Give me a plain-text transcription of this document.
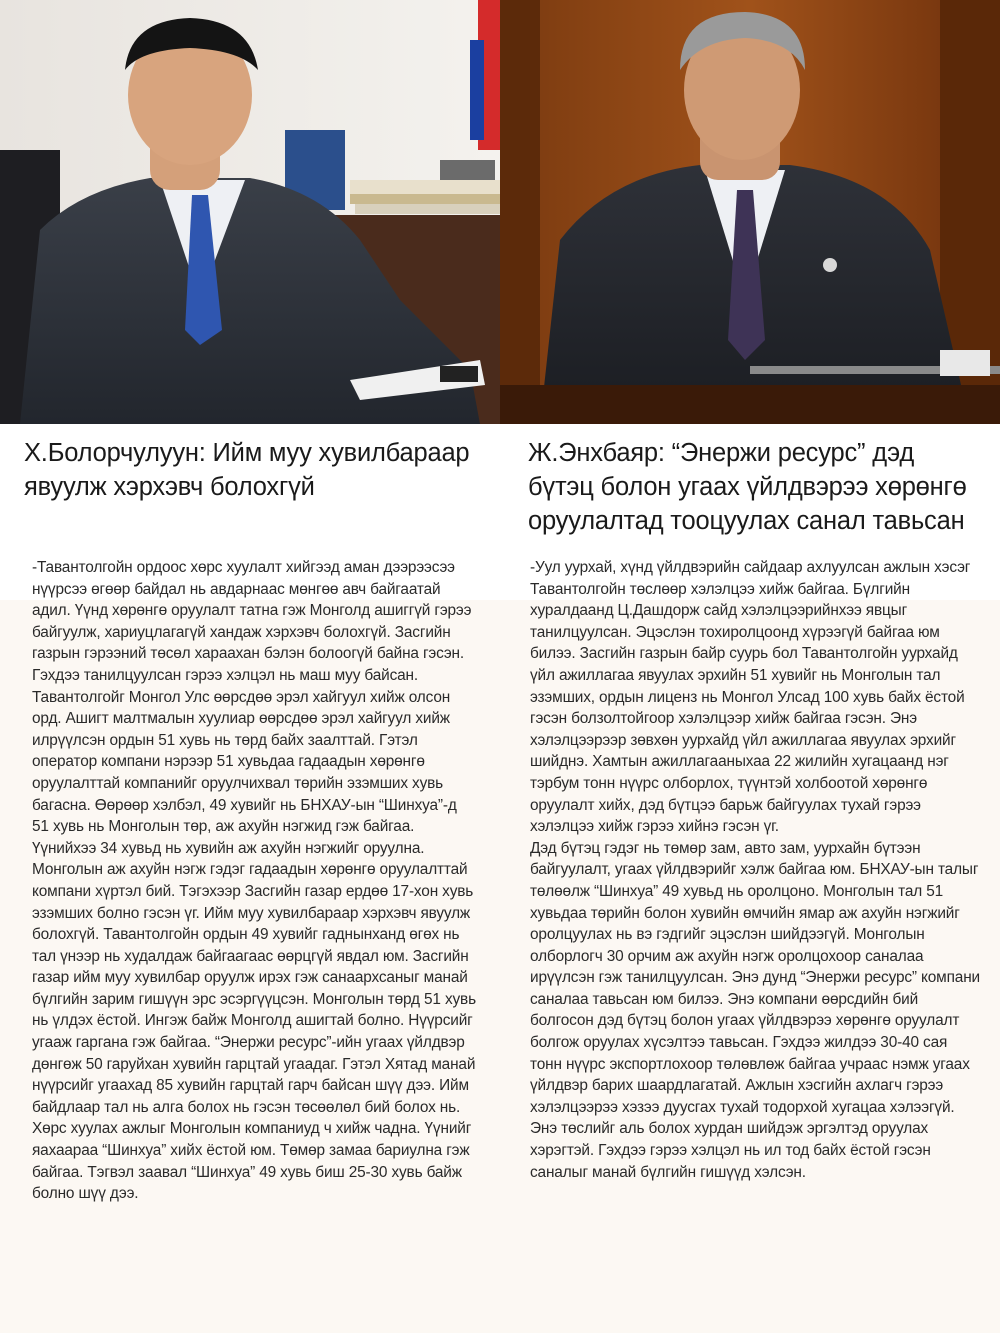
Х.Болорчулуун: Ийм муу хувилбараар явуулж хэрхэвч болохгүй
-Тавантолгойн ордоос хөрс хуулалт хийгээд аман дээрээсээ нүүрсээ өгөөр байдал нь авдарнаас мөнгөө авч байгаатай адил. Үүнд хөрөнгө оруулалт татна гэж Монголд ашиггүй гэрээ байгуулж, хариуцлагагүй хандаж хэрхэвч болохгүй. Засгийн газрын гэрээний төсөл хараахан бэлэн болоогүй байна гэсэн. Гэхдээ танилцуулсан гэрээ хэлцэл нь маш муу байсан. Тавантолгойг Монгол Улс өөрсдөө эрэл хайгуул хийж олсон орд. Ашигт малтмалын хуулиар өөрсдөө эрэл хайгуул хийж илрүүлсэн ордын 51 хувь нь төрд байх заалттай. Гэтэл оператор компани нэрээр 51 хувьдаа гадаадын хөрөнгө оруулалттай компанийг оруулчихвал төрийн эзэмших хувь багасна. Өөрөөр хэлбэл, 49 хувийг нь БНХАУ-ын “Шинхуа”-д 51 хувь нь Монголын төр, аж ахуйн нэгжид гэж байгаа. Үүнийхээ 34 хувьд нь хувийн аж ахуйн нэгжийг оруулна. Монголын аж ахуйн нэгж гэдэг гадаадын хөрөнгө оруулалттай компани хүртэл бий. Тэгэхээр Засгийн газар ердөө 17-хон хувь эзэмших болно гэсэн үг. Ийм муу хувилбараар хэрхэвч явуулж болохгүй. Тавантолгойн ордын 49 хувийг гаднынханд өгөх нь тал үнээр нь худалдаж байгаагаас өөрцгүй явдал юм. Засгийн газар ийм муу хувилбар оруулж ирэх гэж санаархсаныг манай бүлгийн зарим гишүүн эрс эсэргүүцсэн. Монголын төрд 51 хувь нь үлдэх ёстой. Ингэж байж Монголд ашигтай болно. Нүүрсийг угааж гаргана гэж байгаа. “Энержи ресурс”-ийн угаах үйлдвэр дөнгөж 50 гаруйхан хувийн гарцтай угаадаг. Гэтэл Хятад манай нүүрсийг угаахад 85 хувийн гарцтай гарч байсан шүү дээ. Ийм байдлаар тал нь алга болох нь гэсэн төсөөлөл бий болох нь. Хөрс хуулах ажлыг Монголын компаниуд ч хийж чадна. Үүнийг яахаараа “Шинхуа” хийх ёстой юм. Төмөр замаа бариулна гэж байгаа. Тэгвэл заавал “Шинхуа” 49 хувь биш 25-30 хувь байж болно шүү дээ.
Ж.Энхбаяр: “Энержи ресурс” дэд бүтэц болон угаах үйлдвэрээ хөрөнгө оруулалтад тооцуулах санал тавьсан
-Уул уурхай, хүнд үйлдвэрийн сайдаар ахлуулсан ажлын хэсэг Тавантолгойн төслөөр хэлэлцээ хийж байгаа. Бүлгийн хуралдаанд Ц.Дашдорж сайд хэлэлцээрийнхээ явцыг танилцуулсан. Эцэслэн тохиролцоонд хүрээгүй байгаа юм билээ. Засгийн газрын байр суурь бол Тавантолгойн уурхайд үйл ажиллагаа явуулах эрхийн 51 хувийг нь Монголын тал эзэмших, ордын лиценз нь Монгол Улсад 100 хувь байх ёстой гэсэн болзолтойгоор хэлэлцээр хийж байгаа гэсэн. Энэ хэлэлцээрээр зөвхөн уурхайд үйл ажиллагаа явуулах эрхийг шийднэ. Хамтын ажиллагааныхаа 22 жилийн хугацаанд нэг тэрбум тонн нүүрс олборлох, түүнтэй холбоотой хөрөнгө оруулалт хийх, дэд бүтцээ барьж байгуулах тухай гэрээ хэлэлцээ хийж гэрээ хийнэ гэсэн үг.
Дэд бүтэц гэдэг нь төмөр зам, авто зам, уурхайн бүтээн байгуулалт, угаах үйлдвэрийг хэлж байгаа юм. БНХАУ-ын талыг төлөөлж “Шинхуа” 49 хувьд нь оролцоно. Монголын тал 51 хувьдаа төрийн болон хувийн өмчийн ямар аж ахуйн нэгжийг оролцуулах нь вэ гэдгийг эцэслэн шийдээгүй. Монголын олборлогч 30 орчим аж ахуйн нэгж оролцохоор саналаа ирүүлсэн гэж танилцуулсан. Энэ дунд “Энержи ресурс” компани саналаа тавьсан юм билээ. Энэ компани өөрсдийн бий болгосон дэд бүтэц болон угаах үйлдвэрээ хөрөнгө оруулалт болгож оруулах хүсэлтээ тавьсан. Гэхдээ жилдээ 30-40 сая тонн нүүрс экспортлохоор төлөвлөж байгаа учраас нэмж угаах үйлдвэр барих шаардлагатай. Ажлын хэсгийн ахлагч гэрээ хэлэлцээрээ хэзээ дуусгах тухай тодорхой хугацаа хэлээгүй. Энэ төслийг аль болох хурдан шийдэж эргэлтэд оруулах хэрэгтэй. Гэхдээ гэрээ хэлцэл нь ил тод байх ёстой гэсэн саналыг манай бүлгийн гишүүд хэлсэн.
